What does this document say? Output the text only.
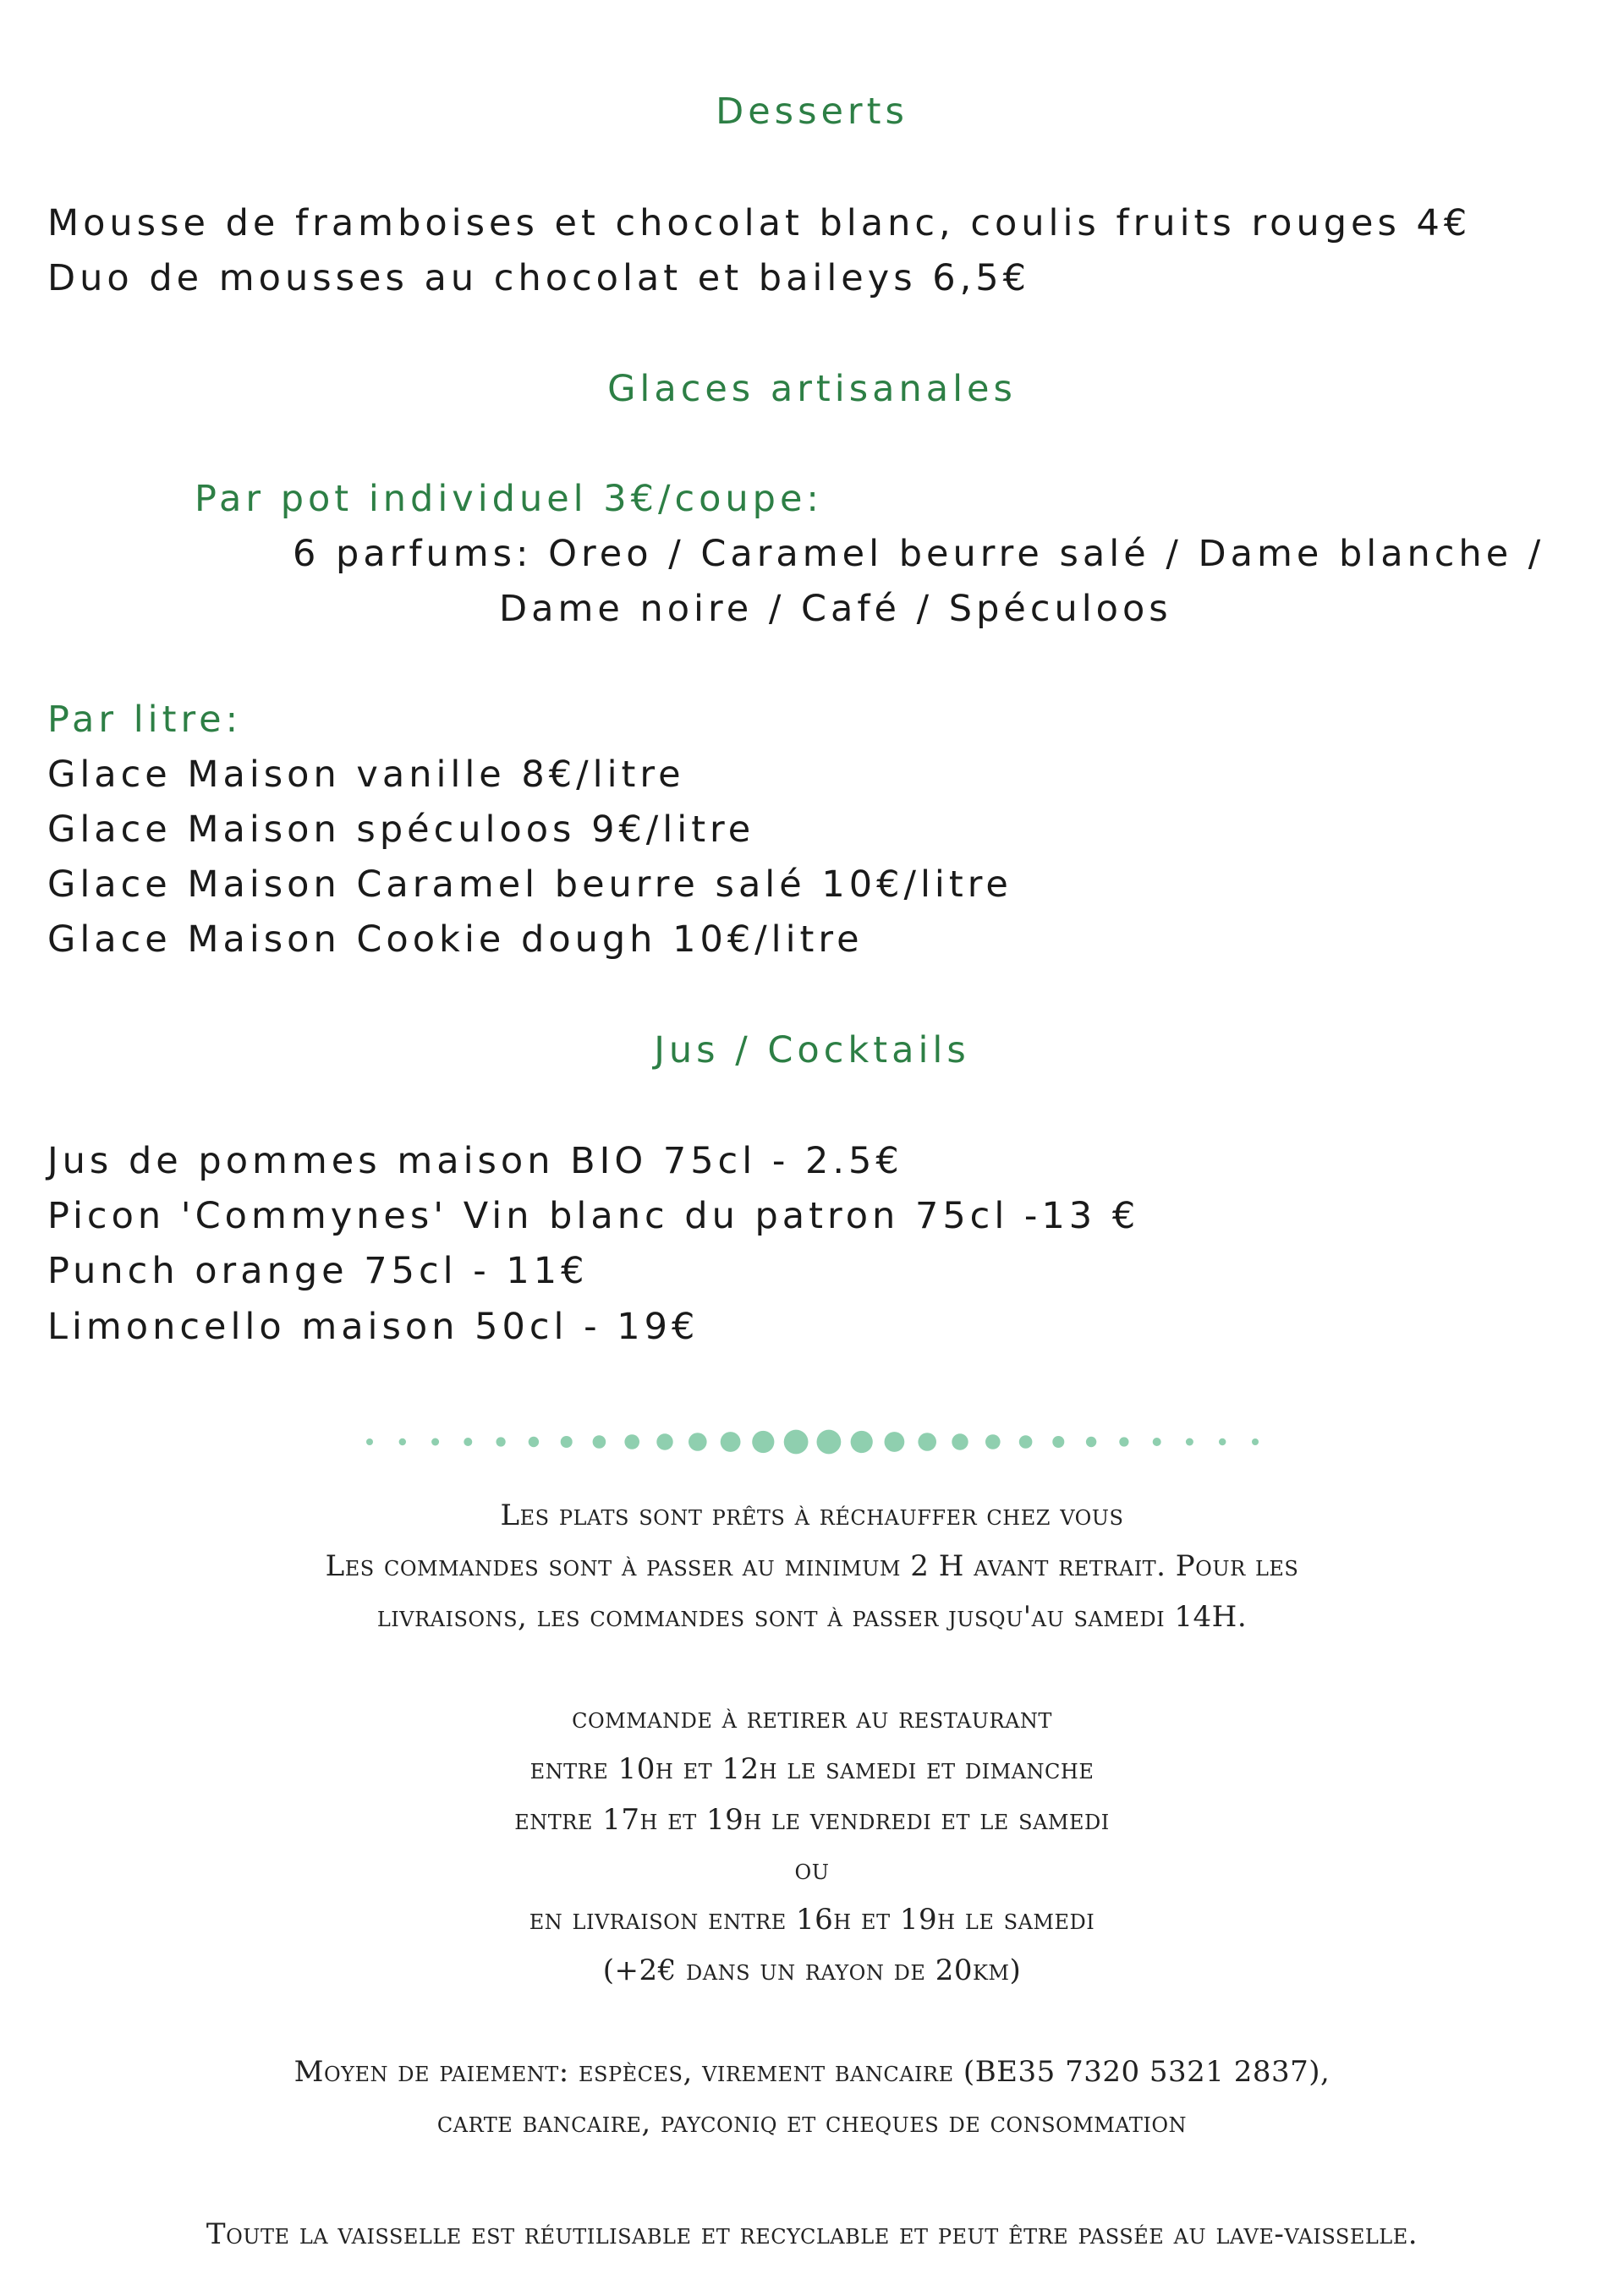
Desserts
Mousse de framboises et chocolat blanc, coulis fruits rouges 4€
Duo de mousses au chocolat et baileys 6,5€
Glaces artisanales
Par pot individuel 3€/coupe:
6 parfums: Oreo / Caramel beurre salé / Dame blanche /
Dame noire / Café / Spéculoos
Par litre:
Glace Maison vanille 8€/litre
Glace Maison spéculoos 9€/litre
Glace Maison Caramel beurre salé 10€/litre
Glace Maison Cookie dough 10€/litre
Jus / Cocktails
Jus de pommes maison BIO 75cl - 2.5€
Picon 'Commynes' Vin blanc du patron 75cl -13 €
Punch orange 75cl - 11€
Limoncello maison 50cl - 19€
Les plats sont prêts à réchauffer chez vous
Les commandes sont à passer au minimum 2 H avant retrait. Pour les
livraisons, les commandes sont à passer jusqu'au samedi 14H.
commande à retirer au restaurant
entre 10h et 12h le samedi et dimanche
entre 17h et 19h le vendredi et le samedi
ou
en livraison entre 16h et 19h le samedi
(+2€ dans un rayon de 20km)
Moyen de paiement: espèces, virement bancaire (BE35 7320 5321 2837),
carte bancaire, payconiq et cheques de consommation
Toute la vaisselle est réutilisable et recyclable et peut être passée au lave-vaisselle.
